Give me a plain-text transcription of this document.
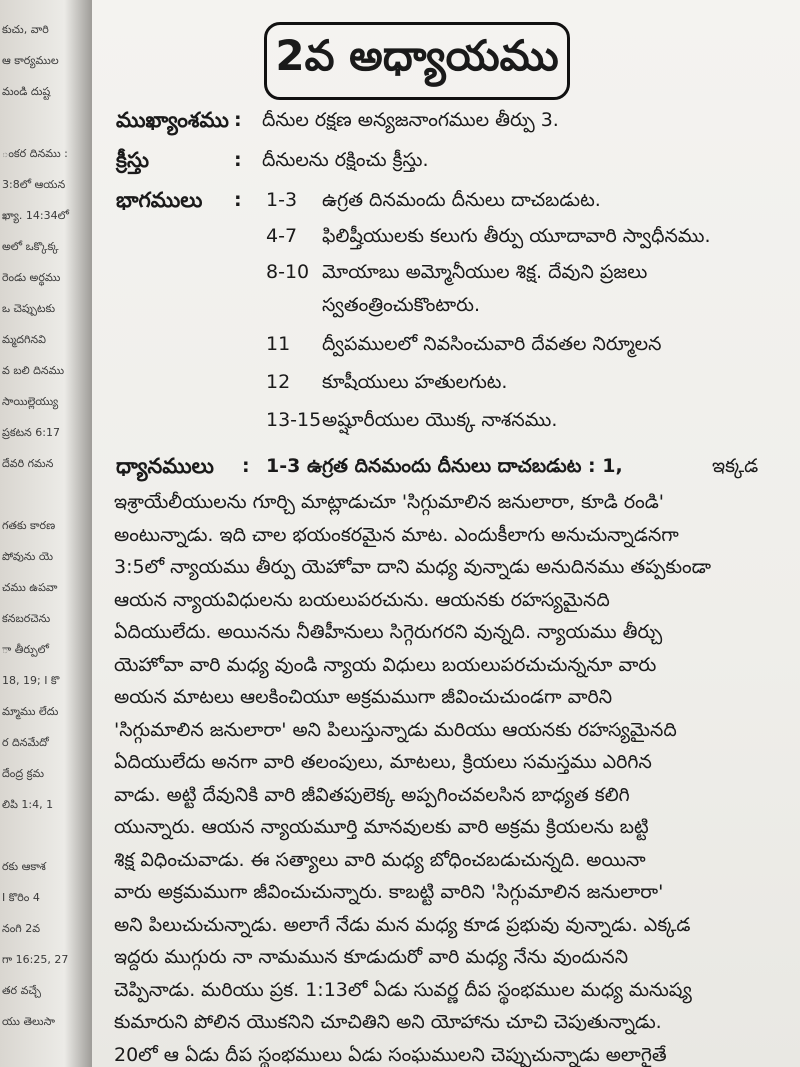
కుచు, వారి
ఆ కార్యముల
మండి దుష్ట
ంకర దినము :
3:8లో ఆయన
ఖ్యా. 14:34లో
అలో ఒక్కొక్క
రెండు అర్థము
ఒ చెప్పుటకు
మ్మదగినవి
వ బలి దినము
సాయిల్లెయ్యు
ప్రకటన 6:17
దేవరి గమన
గతకు కారణ
పోవును యె
చము ఉపవా
కనబరచెను
ా తీర్పులో
18, 19; I కొ
మ్మాము లేదు
ర దినమేదో
దేంద్ర క్రమ
లిపి 1:4, 1
రకు ఆకాశ
I కొరిం 4
నంగి 2వ
గా 16:25, 27
తర వచ్చే
యు తెలుసా
2వ అధ్యాయము
ముఖ్యాంశము : దీనుల రక్షణ అన్యజనాంగముల తీర్పు 3.
క్రీస్తు	: దీనులను రక్షించు క్రీస్తు.
భాగములు : 1-3 ఉగ్రత దినమందు దీనులు దాచబడుట.
4-7 ఫిలిష్తీయులకు కలుగు తీర్పు యూదావారి స్వాధీనము.
8-10 మోయాబు అమ్మోనీయుల శిక్ష. దేవుని ప్రజలు
స్వతంత్రించుకొంటారు.
11 ద్వీపములలో నివసించువారి దేవతల నిర్మూలన
12 కూషీయులు హతులగుట.
13-15 అష్షూరీయుల యొక్క నాశనము.
ధ్యానములు : 1-3 ఉగ్రత దినమందు దీనులు దాచబడుట : 1,	ఇక్కడ
ఇశ్రాయేలీయులను గూర్చి మాట్లాడుచూ 'సిగ్గుమాలిన జనులారా, కూడి రండి'
అంటున్నాడు. ఇది చాల భయంకరమైన మాట. ఎందుకీలాగు అనుచున్నాడనగా
3:5లో న్యాయము తీర్పు యెహోవా దాని మధ్య వున్నాడు అనుదినము తప్పకుండా
ఆయన న్యాయవిధులను బయలుపరచును. ఆయనకు రహస్యమైనది
ఏదియులేదు. అయినను నీతిహీనులు సిగ్గెరుగరని వున్నది. న్యాయము తీర్చు
యెహోవా వారి మధ్య వుండి న్యాయ విధులు బయలుపరచుచున్ననూ వారు
అయన మాటలు ఆలకించియూ అక్రమముగా జీవించుచుండగా వారిని
'సిగ్గుమాలిన జనులారా' అని పిలుస్తున్నాడు మరియు ఆయనకు రహస్యమైనది
ఏదియులేదు అనగా వారి తలంపులు, మాటలు, క్రియలు సమస్తము ఎరిగిన
వాడు. అట్టి దేవునికి వారి జీవితపులెక్క అప్పగించవలసిన బాధ్యత కలిగి
యున్నారు. ఆయన న్యాయమూర్తి మానవులకు వారి అక్రమ క్రియలను బట్టి
శిక్ష విధించువాడు. ఈ సత్యాలు వారి మధ్య బోధించబడుచున్నది. అయినా
వారు అక్రమముగా జీవించుచున్నారు. కాబట్టి వారిని 'సిగ్గుమాలిన జనులారా'
అని పిలుచుచున్నాడు. అలాగే నేడు మన మధ్య కూడ ప్రభువు వున్నాడు. ఎక్కడ
ఇద్దరు ముగ్గురు నా నామమున కూడుదురో వారి మధ్య నేను వుందునని
చెప్పినాడు. మరియు ప్రక. 1:13లో ఏడు సువర్ణ దీప స్థంభముల మధ్య మనుష్య
కుమారుని పోలిన యొకనిని చూచితిని అని యోహాను చూచి చెపుతున్నాడు.
20లో ఆ ఏడు దీప స్థంభములు ఏడు సంఘములని చెప్పుచున్నాడు అలాగైతే
